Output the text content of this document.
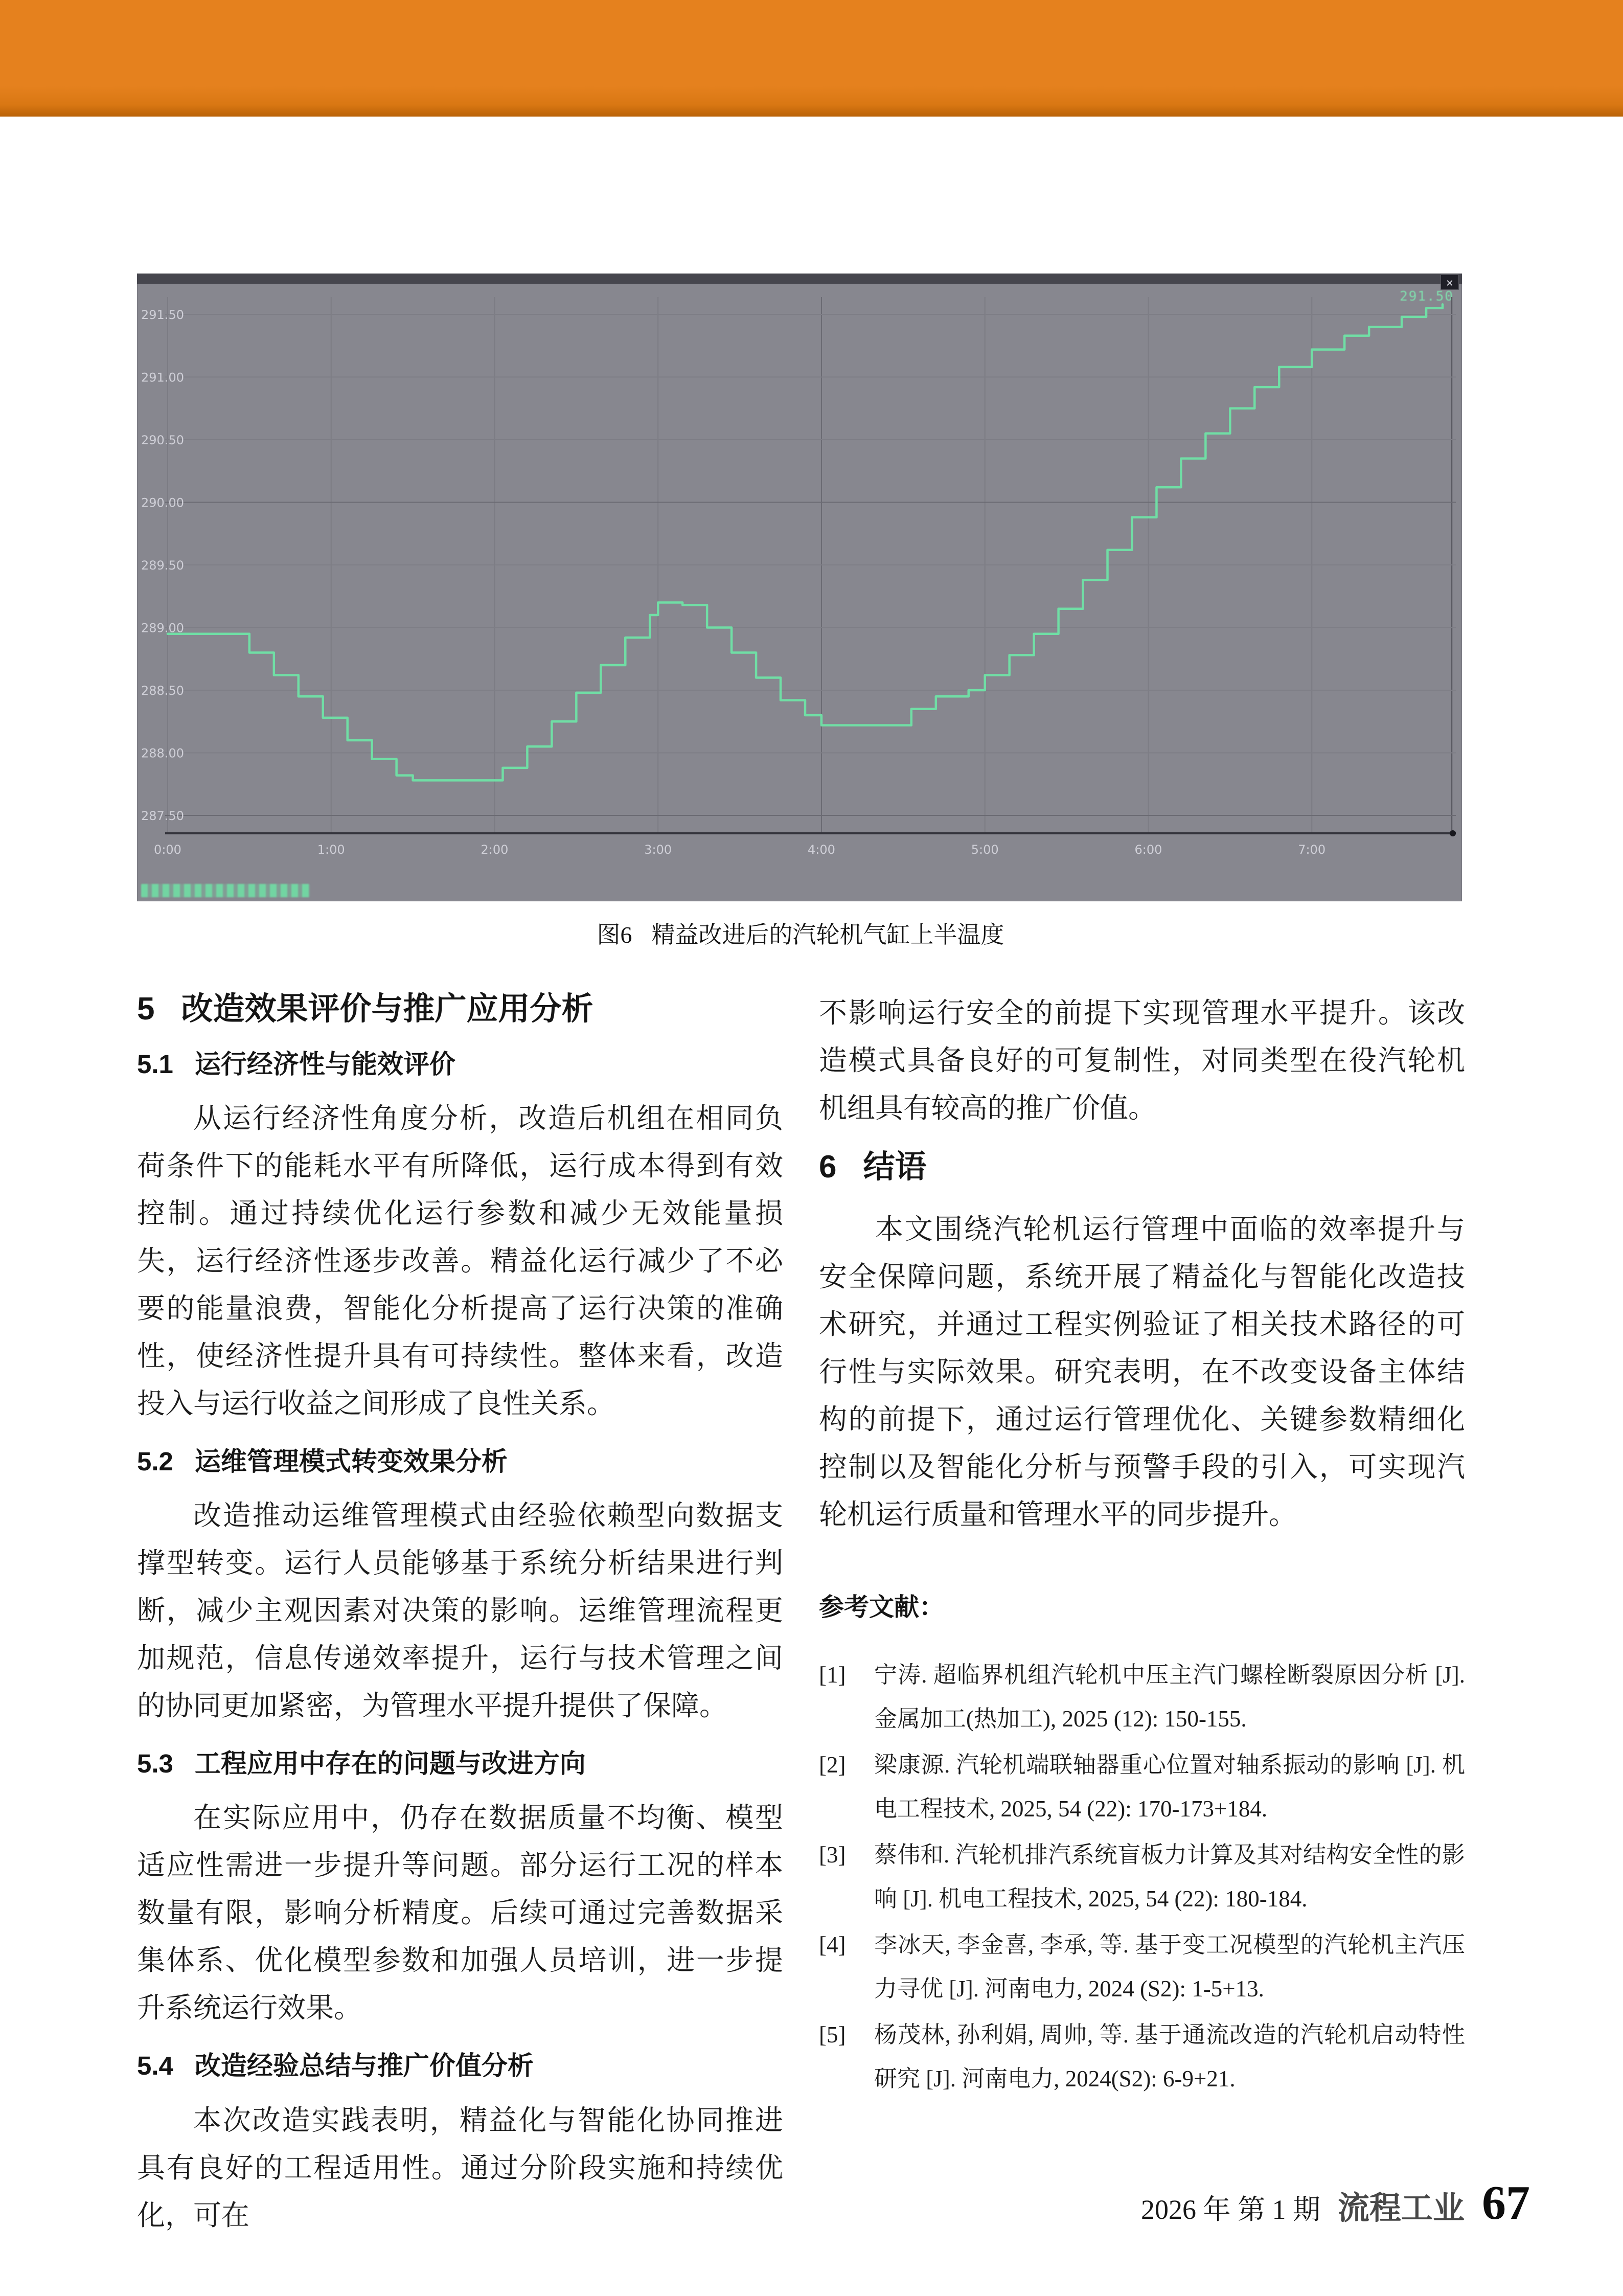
×
291.50
291.50
291.00
290.50
290.00
289.50
289.00
288.50
288.00
287.50
0:00	1:00	2:00	3:00	4:00	5:00	6:00	7:00
图6 精益改进后的汽轮机气缸上半温度
5 改造效果评价与推广应用分析
5.1 运行经济性与能效评价

从运行经济性角度分析，改造后机组在相同负荷条件下的能耗水平有所降低，运行成本得到有效控制。通过持续优化运行参数和减少无效能量损失，运行经济性逐步改善。精益化运行减少了不必要的能量浪费，智能化分析提高了运行决策的准确性，使经济性提升具有可持续性。整体来看，改造投入与运行收益之间形成了良性关系。

5.2 运维管理模式转变效果分析

改造推动运维管理模式由经验依赖型向数据支撑型转变。运行人员能够基于系统分析结果进行判断，减少主观因素对决策的影响。运维管理流程更加规范，信息传递效率提升，运行与技术管理之间的协同更加紧密，为管理水平提升提供了保障。

5.3 工程应用中存在的问题与改进方向

在实际应用中，仍存在数据质量不均衡、模型适应性需进一步提升等问题。部分运行工况的样本数量有限，影响分析精度。后续可通过完善数据采集体系、优化模型参数和加强人员培训，进一步提升系统运行效果。

5.4 改造经验总结与推广价值分析

本次改造实践表明，精益化与智能化协同推进具有良好的工程适用性。通过分阶段实施和持续优化，可在

不影响运行安全的前提下实现管理水平提升。该改造模式具备良好的可复制性，对同类型在役汽轮机机组具有较高的推广价值。

6 结语

本文围绕汽轮机运行管理中面临的效率提升与安全保障问题，系统开展了精益化与智能化改造技术研究，并通过工程实例验证了相关技术路径的可行性与实际效果。研究表明，在不改变设备主体结构的前提下，通过运行管理优化、关键参数精细化控制以及智能化分析与预警手段的引入，可实现汽轮机运行质量和管理水平的同步提升。

参考文献：
[1] 宁涛. 超临界机组汽轮机中压主汽门螺栓断裂原因分析 [J]. 金属加工(热加工), 2025 (12): 150-155.
[2] 梁康源. 汽轮机端联轴器重心位置对轴系振动的影响 [J]. 机电工程技术, 2025, 54 (22): 170-173+184.
[3] 蔡伟和. 汽轮机排汽系统盲板力计算及其对结构安全性的影响 [J]. 机电工程技术, 2025, 54 (22): 180-184.
[4] 李冰天, 李金喜, 李承, 等. 基于变工况模型的汽轮机主汽压力寻优 [J]. 河南电力, 2024 (S2): 1-5+13.
[5] 杨茂林, 孙利娟, 周帅, 等. 基于通流改造的汽轮机启动特性研究 [J]. 河南电力, 2024(S2): 6-9+21.
2026 年 第 1 期 流程工业 67
